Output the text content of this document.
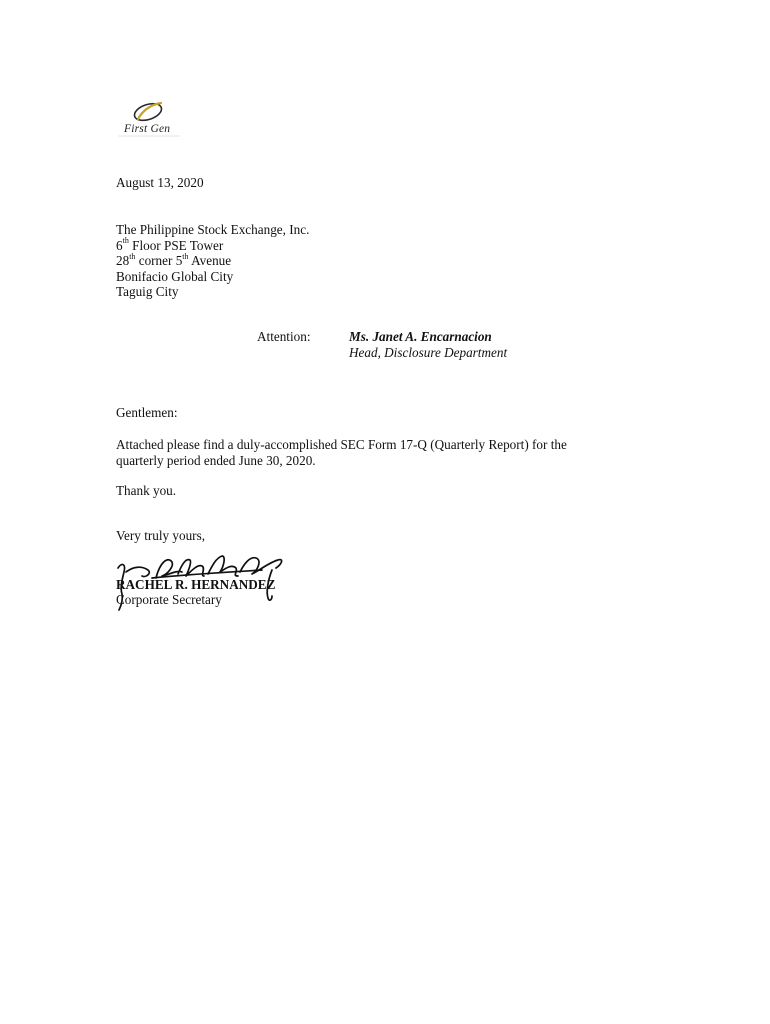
First Gen
August 13, 2020
The Philippine Stock Exchange, Inc.
6th Floor PSE Tower
28th corner 5th Avenue
Bonifacio Global City
Taguig City
Attention:	Ms. Janet A. Encarnacion
Head, Disclosure Department
Gentlemen:
Attached please find a duly-accomplished SEC Form 17-Q (Quarterly Report) for the
quarterly period ended June 30, 2020.
Thank you.
Very truly yours,
RACHEL R. HERNANDEZ
Corporate Secretary
